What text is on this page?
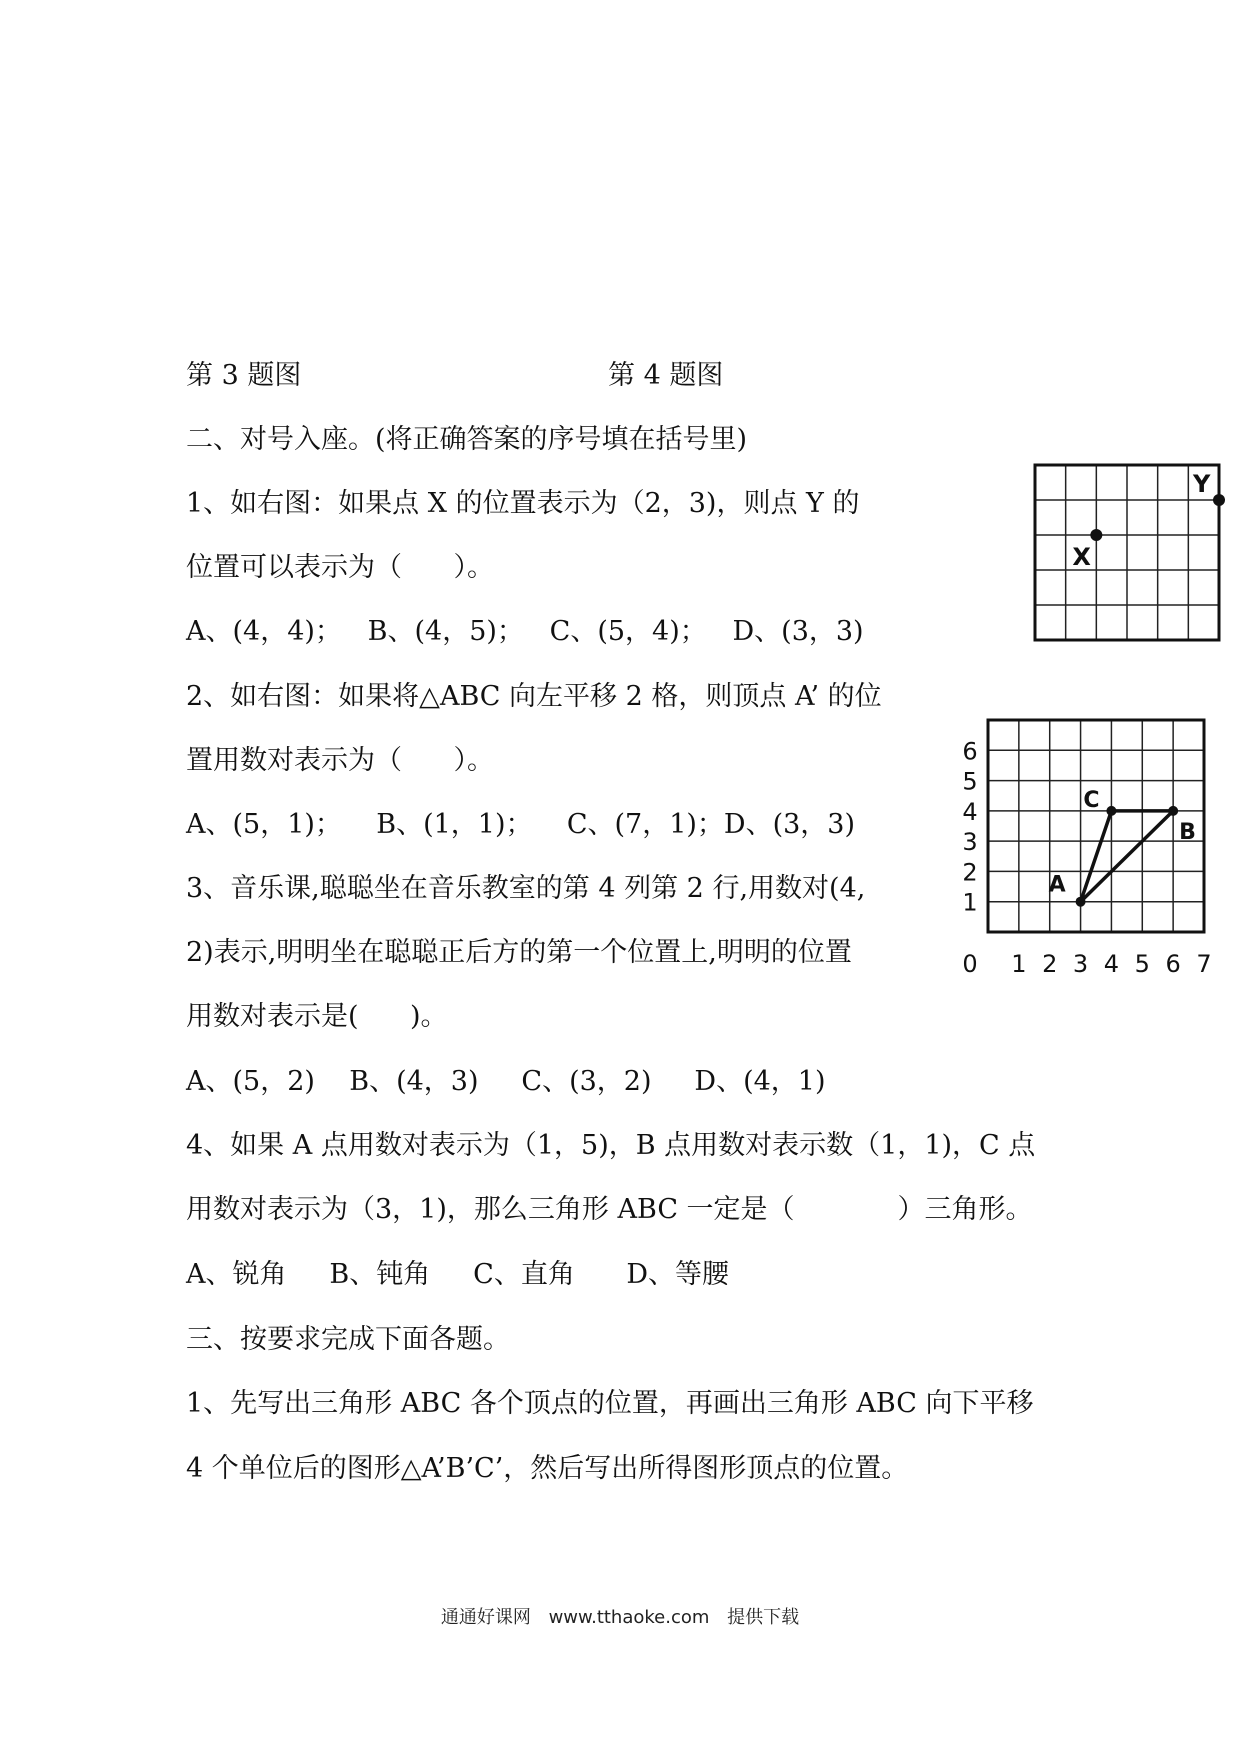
第 3 题图	第 4 题图
二、对号入座。(将正确答案的序号填在括号里)
1、如右图：如果点 X 的位置表示为（2，3)，则点 Y 的
位置可以表示为（      ）。
A、(4，4)；   B、(4，5)；   C、(5，4)；   D、(3，3)
2、如右图：如果将△ABC 向左平移 2 格，则顶点 A’ 的位
置用数对表示为（      ）。
A、(5，1)；    B、(1，1)；    C、(7，1)；D、(3，3)
3、音乐课,聪聪坐在音乐教室的第 4 列第 2 行,用数对(4,
2)表示,明明坐在聪聪正后方的第一个位置上,明明的位置
用数对表示是(      )。
A、(5，2)    B、(4，3)     C、(3，2)     D、(4，1)
4、如果 A 点用数对表示为（1，5)，B 点用数对表示数（1，1)，C 点
用数对表示为（3，1)，那么三角形 ABC 一定是（            ）三角形。
A、锐角     B、钝角     C、直角      D、等腰
三、按要求完成下面各题。
1、先写出三角形 ABC 各个顶点的位置，再画出三角形 ABC 向下平移
4 个单位后的图形△A’B’C’，然后写出所得图形顶点的位置。
X
Y
6
5
4
3
2
1
0 1 2 3 4 5 6 7
A
B
C
通通好课网 www.tthaoke.com 提供下载
